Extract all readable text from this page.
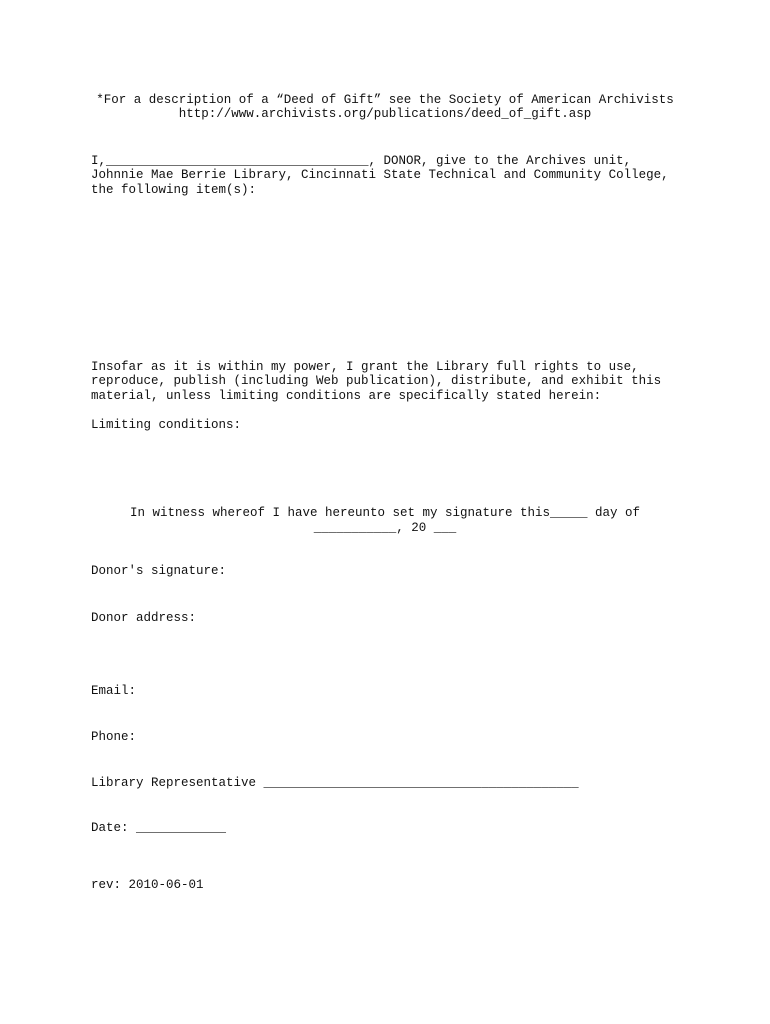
*For a description of a “Deed of Gift” see the Society of American Archivists
http://www.archivists.org/publications/deed_of_gift.asp
I,___________________________________, DONOR, give to the Archives unit,
Johnnie Mae Berrie Library, Cincinnati State Technical and Community College,
the following item(s):
Insofar as it is within my power, I grant the Library full rights to use,
reproduce, publish (including Web publication), distribute, and exhibit this
material, unless limiting conditions are specifically stated herein:
Limiting conditions:
In witness whereof I have hereunto set my signature this_____ day of
___________, 20 ___
Donor's signature:
Donor address:
Email:
Phone:
Library Representative __________________________________________
Date: ____________
rev: 2010-06-01
